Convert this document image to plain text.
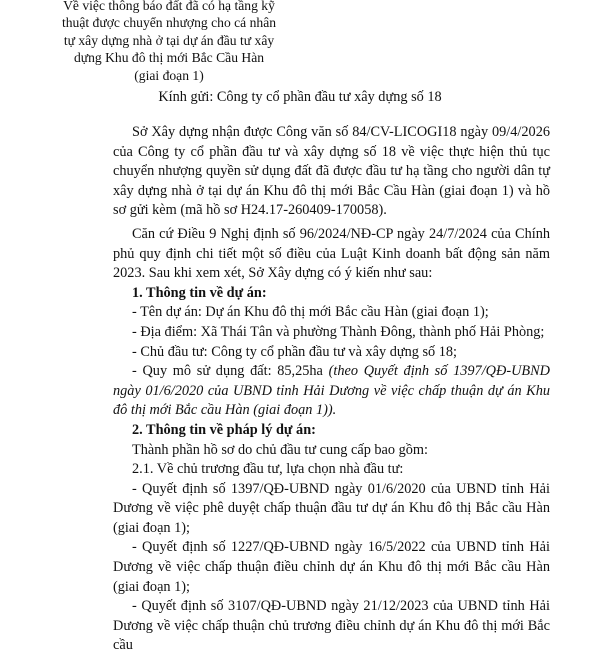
Về việc thông báo đất đã có hạ tầng kỹ
thuật được chuyển nhượng cho cá nhân
tự xây dựng nhà ở tại dự án đầu tư xây
dựng Khu đô thị mới Bắc Cầu Hàn
(giai đoạn 1)
Kính gửi: Công ty cổ phần đầu tư xây dựng số 18

Sở Xây dựng nhận được Công văn số 84/CV-LICOGI18 ngày 09/4/2026 của Công ty cổ phần đầu tư và xây dựng số 18 về việc thực hiện thủ tục chuyển nhượng quyền sử dụng đất đã được đầu tư hạ tầng cho người dân tự xây dựng nhà ở tại dự án Khu đô thị mới Bắc Cầu Hàn (giai đoạn 1) và hồ sơ gửi kèm (mã hồ sơ H24.17-260409-170058).

Căn cứ Điều 9 Nghị định số 96/2024/NĐ-CP ngày 24/7/2024 của Chính phủ quy định chi tiết một số điều của Luật Kinh doanh bất động sản năm 2023. Sau khi xem xét, Sở Xây dựng có ý kiến như sau:

1. Thông tin về dự án:

- Tên dự án: Dự án Khu đô thị mới Bắc cầu Hàn (giai đoạn 1);

- Địa điểm: Xã Thái Tân và phường Thành Đông, thành phố Hải Phòng;

- Chủ đầu tư: Công ty cổ phần đầu tư và xây dựng số 18;

- Quy mô sử dụng đất: 85,25ha (theo Quyết định số 1397/QĐ-UBND ngày 01/6/2020 của UBND tỉnh Hải Dương về việc chấp thuận dự án Khu đô thị mới Bắc cầu Hàn (giai đoạn 1)).

2. Thông tin về pháp lý dự án:

Thành phần hồ sơ do chủ đầu tư cung cấp bao gồm:

2.1. Về chủ trương đầu tư, lựa chọn nhà đầu tư:

- Quyết định số 1397/QĐ-UBND ngày 01/6/2020 của UBND tỉnh Hải Dương về việc phê duyệt chấp thuận đầu tư dự án Khu đô thị Bắc cầu Hàn (giai đoạn 1);

- Quyết định số 1227/QĐ-UBND ngày 16/5/2022 của UBND tỉnh Hải Dương về việc chấp thuận điều chỉnh dự án Khu đô thị mới Bắc cầu Hàn (giai đoạn 1);

- Quyết định số 3107/QĐ-UBND ngày 21/12/2023 của UBND tỉnh Hải Dương về việc chấp thuận chủ trương điều chỉnh dự án Khu đô thị mới Bắc cầu
